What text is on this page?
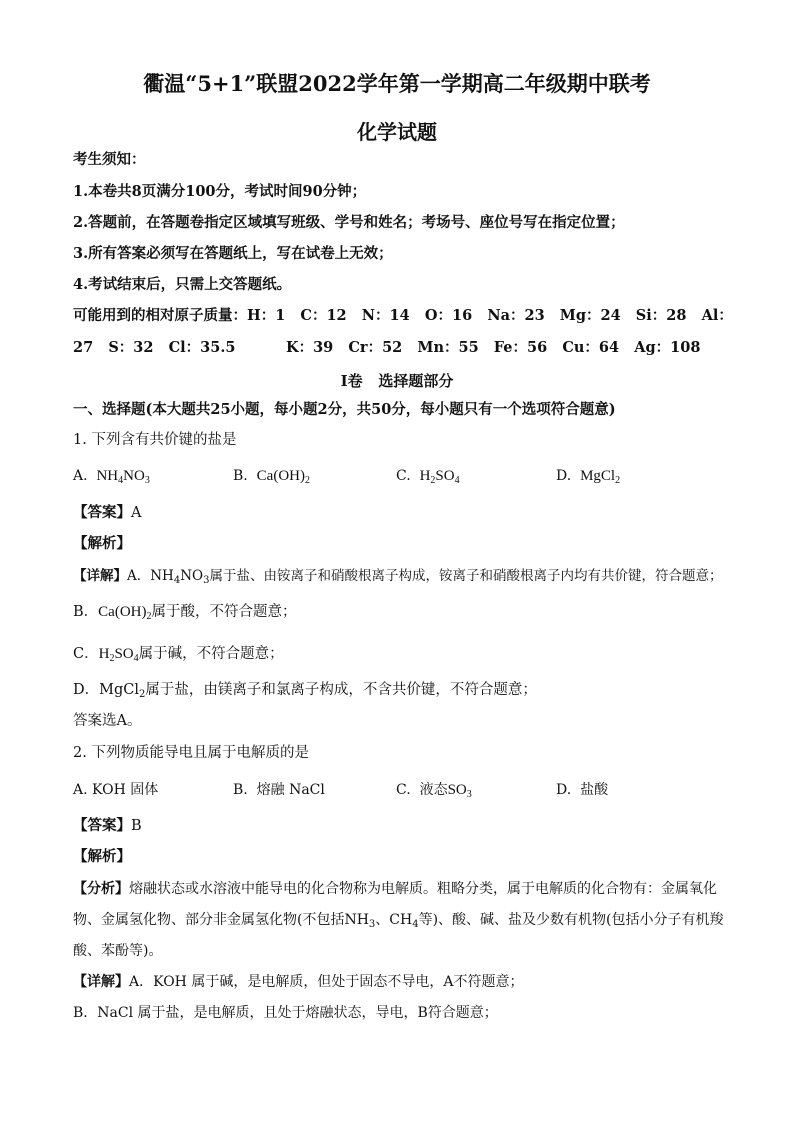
衢温“5+1”联盟2022学年第一学期高二年级期中联考
化学试题
考生须知：
1.本卷共8页满分100分，考试时间90分钟；
2.答题前，在答题卷指定区域填写班级、学号和姓名；考场号、座位号写在指定位置；
3.所有答案必须写在答题纸上，写在试卷上无效；
4.考试结束后，只需上交答题纸。
可能用到的相对原子质量：H：1   C：12   N：14   O：16   Na：23   Mg：24   Si：28   Al：
27   S：32   Cl：35.5          K：39   Cr：52   Mn：55   Fe：56   Cu：64   Ag：108
Ⅰ卷   选择题部分
一、选择题(本大题共25小题，每小题2分，共50分，每小题只有一个选项符合题意)
1. 下列含有共价键的盐是
A. $NH_4NO_3$	B. $Ca(OH)_2$	C. $H_2SO_4$	D. MgCl$_2$
【答案】A
【解析】
【详解】A．$NH_4NO_3$属于盐、由铵离子和硝酸根离子构成，铵离子和硝酸根离子内均有共价键，符合题意；
B．$Ca(OH)_2$属于酸，不符合题意；
C．$H_2SO_4$属于碱，不符合题意；
D．MgCl$_2$属于盐，由镁离子和氯离子构成，不含共价键，不符合题意；
答案选A。
2. 下列物质能导电且属于电解质的是
A. KOH 固体	B.  熔融 NaCl	C.  液态$SO_3$	D.  盐酸
【答案】B
【解析】
【分析】熔融状态或水溶液中能导电的化合物称为电解质。粗略分类，属于电解质的化合物有：金属氧化
物、金属氢化物、部分非金属氢化物(不包括$NH_3$、$CH_4$等)、酸、碱、盐及少数有机物(包括小分子有机羧
酸、苯酚等)。
【详解】A．KOH 属于碱，是电解质，但处于固态不导电，A不符题意；
B．NaCl 属于盐，是电解质，且处于熔融状态，导电，B符合题意；
